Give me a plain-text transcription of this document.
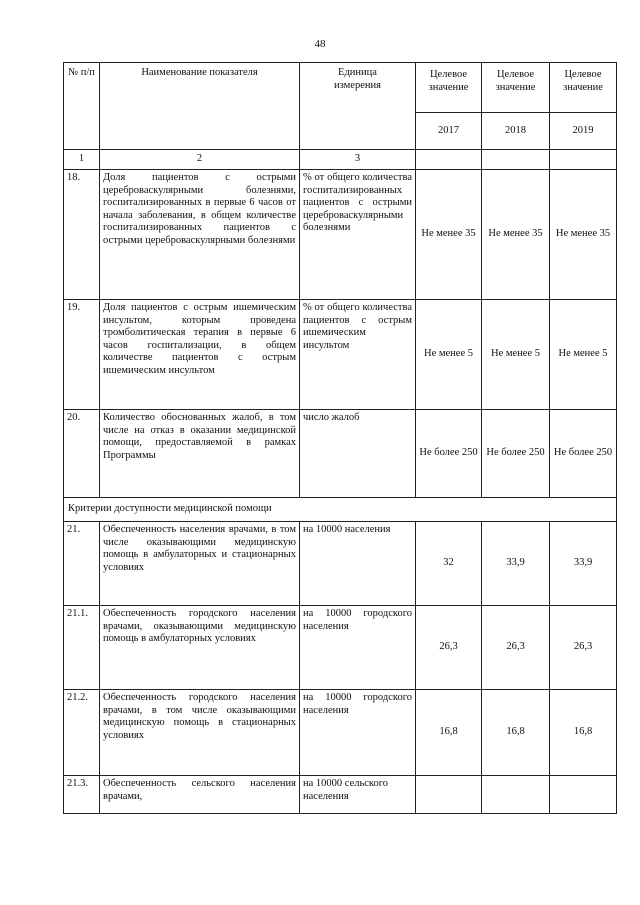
48
№ п/п	Наименование показателя	Единица измерения	Целевое значение	Целевое значение	Целевое значение
			2017	2018	2019
1	2	3			
18.	Доля пациентов с острыми цереброваскулярными болезнями, госпитализированных в первые 6 часов от начала заболевания, в общем количестве госпитализированных пациентов с острыми цереброваскулярными болезнями	% от общего количества госпитализированных пациентов с острыми цереброваскулярными болезнями	Не менее 35	Не менее 35	Не менее 35
19.	Доля пациентов с острым ишемическим инсультом, которым проведена тромболитическая терапия в первые 6 часов госпитализации, в общем количестве пациентов с острым ишемическим инсультом	% от общего количества пациентов с острым ишемическим инсультом	Не менее 5	Не менее 5	Не менее 5
20.	Количество обоснованных жалоб, в том числе на отказ в оказании медицинской помощи, предоставляемой в рамках Программы	число жалоб	Не более 250	Не более 250	Не более 250
Критерии доступности медицинской помощи					
21.	Обеспеченность населения врачами, в том числе оказывающими медицинскую помощь в амбулаторных и стационарных условиях	на 10000 населения	32	33,9	33,9
21.1.	Обеспеченность городского населения врачами, оказывающими медицинскую помощь в амбулаторных условиях	на 10000 городского населения	26,3	26,3	26,3
21.2.	Обеспеченность городского населения врачами, в том числе оказывающими медицинскую помощь в стационарных условиях	на 10000 городского населения	16,8	16,8	16,8
21.3.	Обеспеченность сельского населения врачами,	на 10000 сельского населения			
